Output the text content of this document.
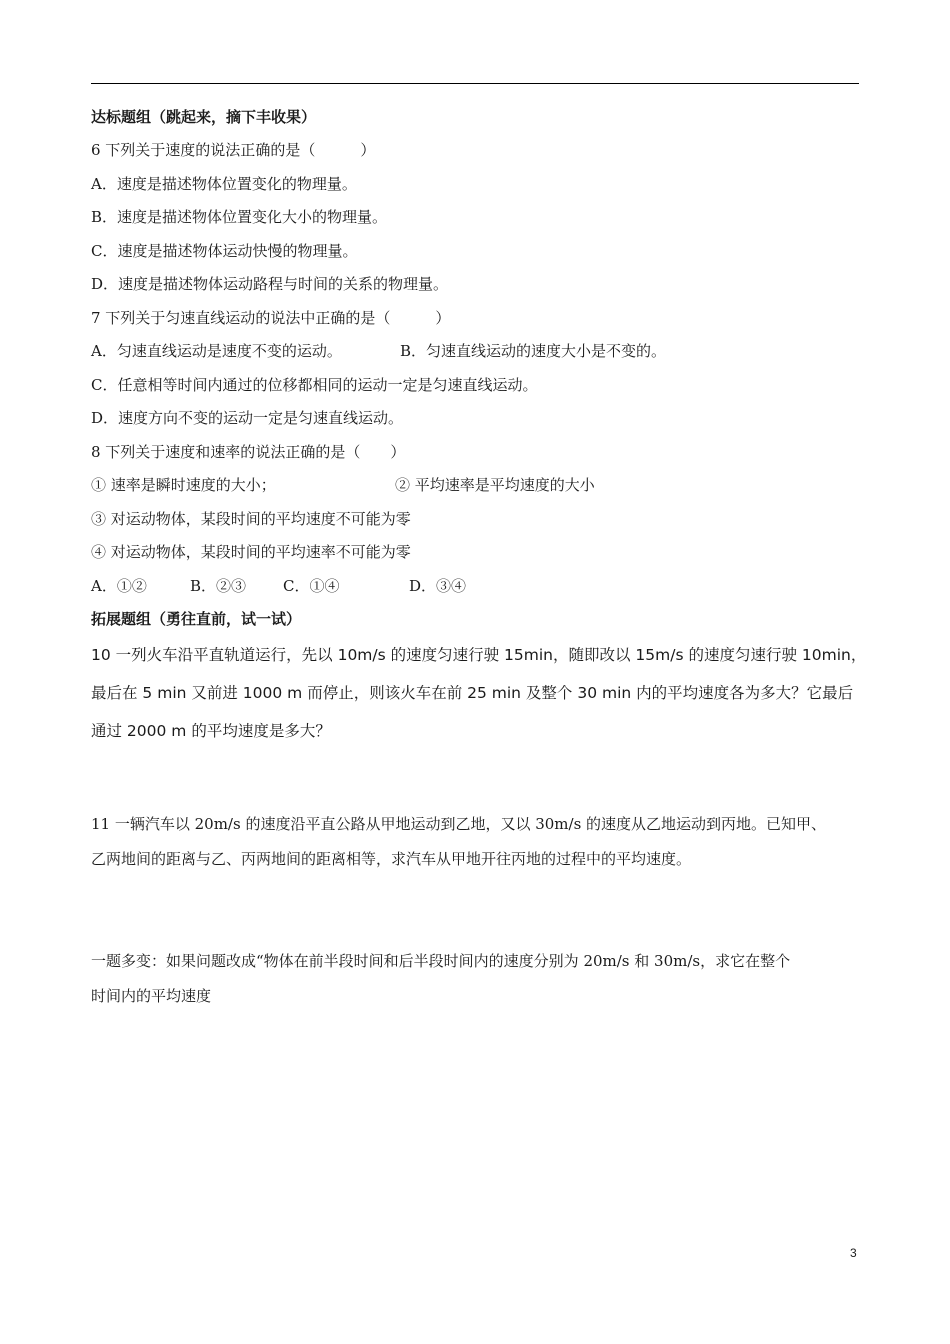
达标题组（跳起来，摘下丰收果）
6 下列关于速度的说法正确的是（　　　）
A．速度是描述物体位置变化的物理量。
B．速度是描述物体位置变化大小的物理量。
C．速度是描述物体运动快慢的物理量。
D．速度是描述物体运动路程与时间的关系的物理量。
7 下列关于匀速直线运动的说法中正确的是（　　　）
A．匀速直线运动是速度不变的运动。	B．匀速直线运动的速度大小是不变的。
C．任意相等时间内通过的位移都相同的运动一定是匀速直线运动。
D．速度方向不变的运动一定是匀速直线运动。
8 下列关于速度和速率的说法正确的是（　　）
① 速率是瞬时速度的大小；	② 平均速率是平均速度的大小
③ 对运动物体，某段时间的平均速度不可能为零
④ 对运动物体，某段时间的平均速率不可能为零
A．①②	B．②③ C．①④	D．③④
拓展题组（勇往直前，试一试）
10 一列火车沿平直轨道运行，先以 10m/s 的速度匀速行驶 15min，随即改以 15m/s 的速度匀速行驶 10min，
最后在 5 min 又前进 1000 m 而停止，则该火车在前 25 min 及整个 30 min 内的平均速度各为多大？它最后
通过 2000 m 的平均速度是多大？
11 一辆汽车以 20m/s 的速度沿平直公路从甲地运动到乙地，又以 30m/s 的速度从乙地运动到丙地。已知甲、
乙两地间的距离与乙、丙两地间的距离相等，求汽车从甲地开往丙地的过程中的平均速度。
一题多变：如果问题改成“物体在前半段时间和后半段时间内的速度分别为 20m/s 和 30m/s，求它在整个
时间内的平均速度
3
